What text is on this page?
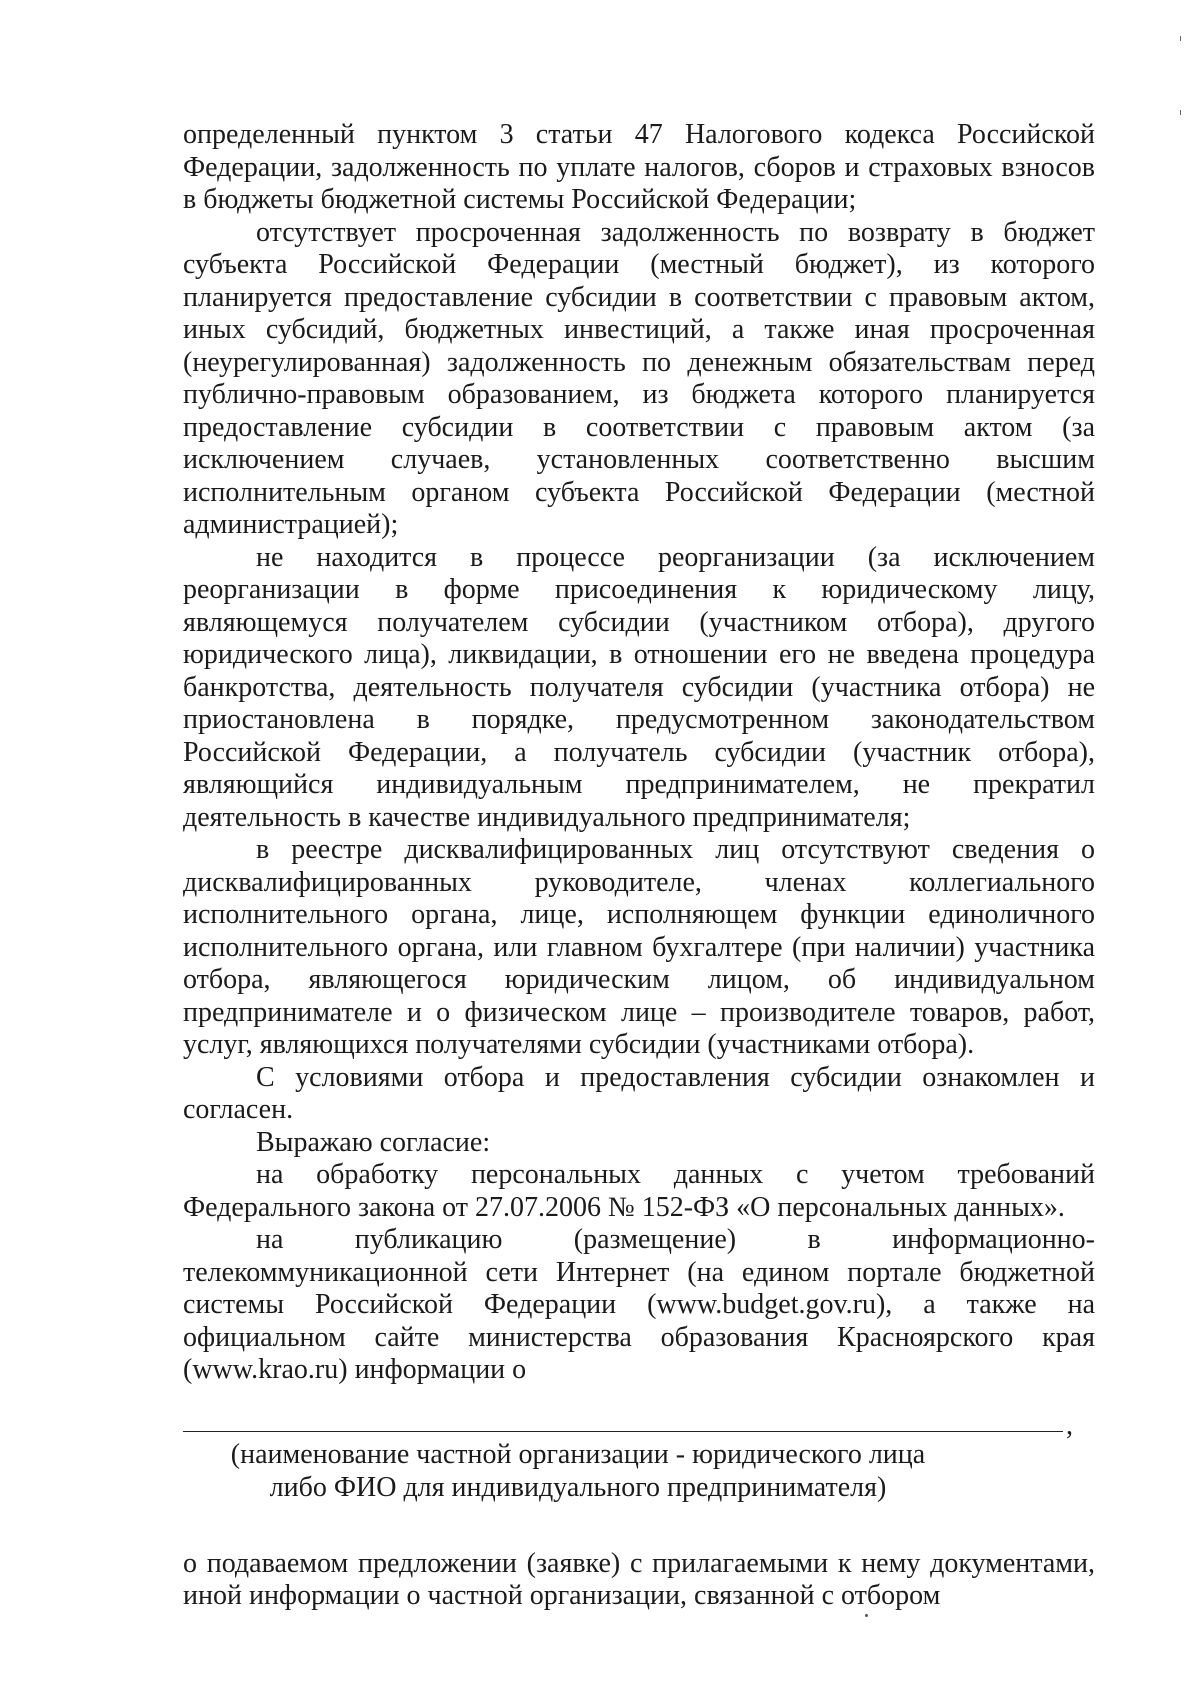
определенный пунктом 3 статьи 47 Налогового кодекса Российской Федерации, задолженность по уплате налогов, сборов и страховых взносов в бюджеты бюджетной системы Российской Федерации;

отсутствует просроченная задолженность по возврату в бюджет субъекта Российской Федерации (местный бюджет), из которого планируется предоставление субсидии в соответствии с правовым актом, иных субсидий, бюджетных инвестиций, а также иная просроченная (неурегулированная) задолженность по денежным обязательствам перед публично-правовым образованием, из бюджета которого планируется предоставление субсидии в соответствии с правовым актом (за исключением случаев, установленных соответственно высшим исполнительным органом субъекта Российской Федерации (местной администрацией);

не находится в процессе реорганизации (за исключением реорганизации в форме присоединения к юридическому лицу, являющемуся получателем субсидии (участником отбора), другого юридического лица), ликвидации, в отношении его не введена процедура банкротства, деятельность получателя субсидии (участника отбора) не приостановлена в порядке, предусмотренном законодательством Российской Федерации, а получатель субсидии (участник отбора), являющийся индивидуальным предпринимателем, не прекратил деятельность в качестве индивидуального предпринимателя;

в реестре дисквалифицированных лиц отсутствуют сведения о дисквалифицированных руководителе, членах коллегиального исполнительного органа, лице, исполняющем функции единоличного исполнительного органа, или главном бухгалтере (при наличии) участника отбора, являющегося юридическим лицом, об индивидуальном предпринимателе и о физическом лице – производителе товаров, работ, услуг, являющихся получателями субсидии (участниками отбора).

С условиями отбора и предоставления субсидии ознакомлен и согласен.

Выражаю согласие:

на обработку персональных данных с учетом требований Федерального закона от 27.07.2006 № 152-ФЗ «О персональных данных».

на публикацию (размещение) в информационно-телекоммуникационной сети Интернет (на едином портале бюджетной системы Российской Федерации (www.budget.gov.ru), а также на официальном сайте министерства образования Красноярского края (www.krao.ru) информации о

,
(наименование частной организации - юридического лица
либо ФИО для индивидуального предпринимателя)

о подаваемом предложении (заявке) с прилагаемыми к нему документами, иной информации о частной организации, связанной с отбором
